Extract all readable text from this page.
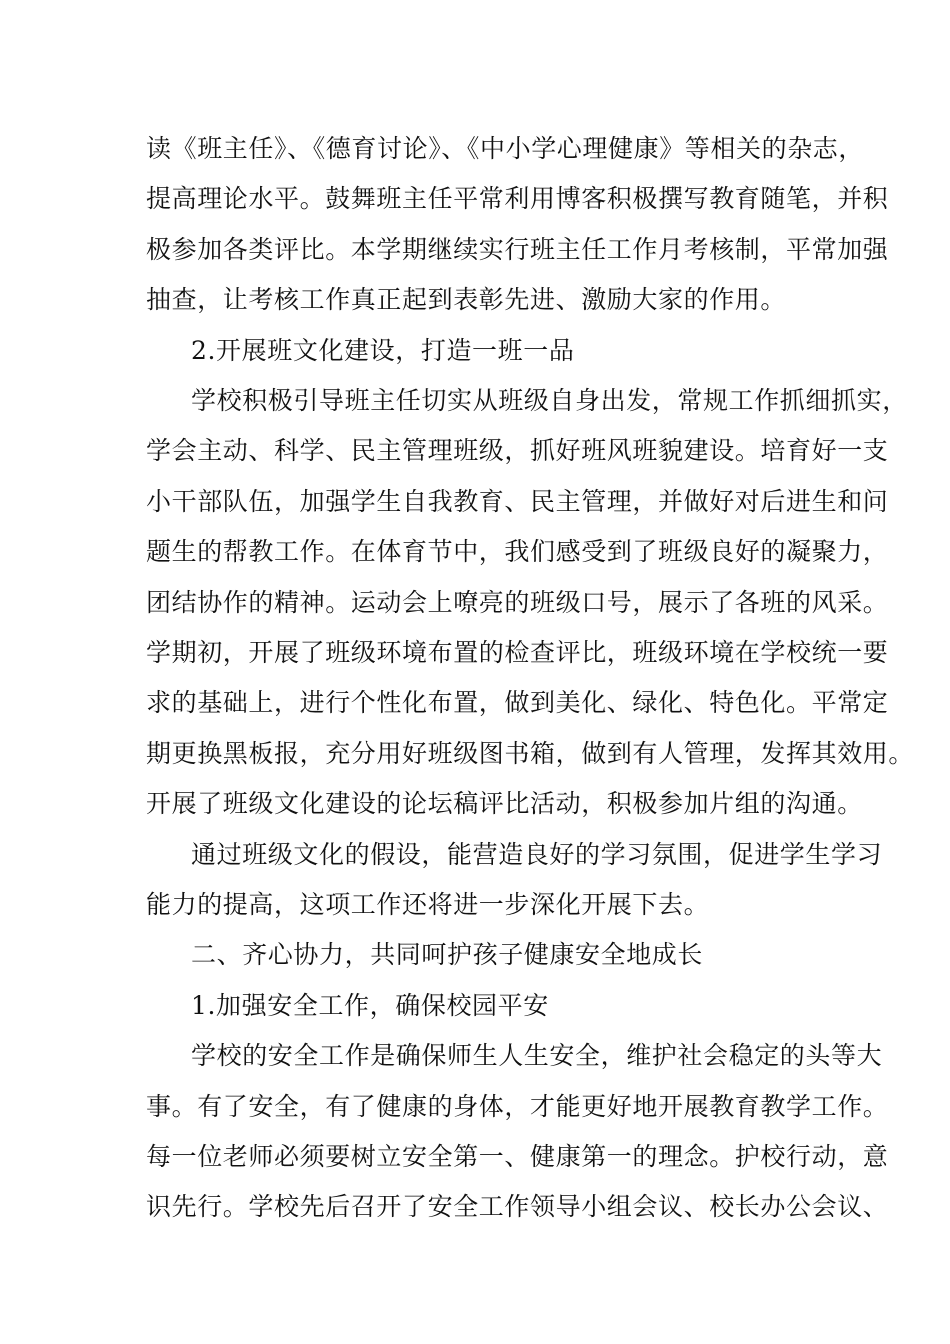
读《班主任》、《德育讨论》、《中小学心理健康》等相关的杂志，
提高理论水平。鼓舞班主任平常利用博客积极撰写教育随笔，并积
极参加各类评比。本学期继续实行班主任工作月考核制，平常加强
抽查，让考核工作真正起到表彰先进、激励大家的作用。
2.开展班文化建设，打造一班一品
学校积极引导班主任切实从班级自身出发，常规工作抓细抓实，
学会主动、科学、民主管理班级，抓好班风班貌建设。培育好一支
小干部队伍，加强学生自我教育、民主管理，并做好对后进生和问
题生的帮教工作。在体育节中，我们感受到了班级良好的凝聚力，
团结协作的精神。运动会上嘹亮的班级口号，展示了各班的风采。
学期初，开展了班级环境布置的检查评比，班级环境在学校统一要
求的基础上，进行个性化布置，做到美化、绿化、特色化。平常定
期更换黑板报，充分用好班级图书箱，做到有人管理，发挥其效用。
开展了班级文化建设的论坛稿评比活动，积极参加片组的沟通。
通过班级文化的假设，能营造良好的学习氛围，促进学生学习
能力的提高，这项工作还将进一步深化开展下去。
二、齐心协力，共同呵护孩子健康安全地成长
1.加强安全工作，确保校园平安
学校的安全工作是确保师生人生安全，维护社会稳定的头等大
事。有了安全，有了健康的身体，才能更好地开展教育教学工作。
每一位老师必须要树立安全第一、健康第一的理念。护校行动，意
识先行。学校先后召开了安全工作领导小组会议、校长办公会议、
